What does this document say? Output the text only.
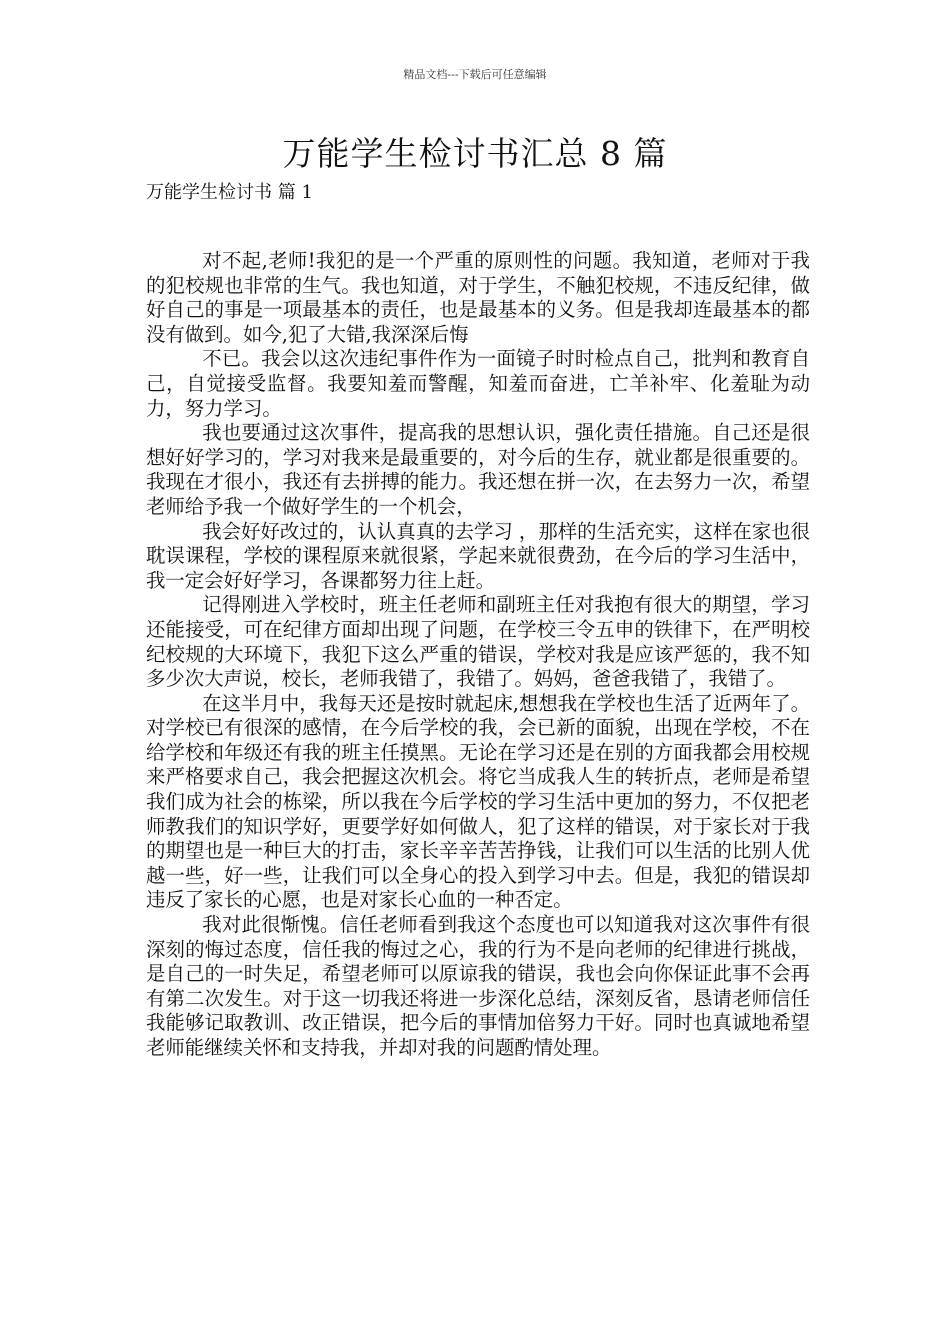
精品文档---下载后可任意编辑
万能学生检讨书汇总 8 篇
万能学生检讨书 篇 1

对不起,老师!我犯的是一个严重的原则性的问题。我知道，老师对于我的犯校规也非常的生气。我也知道，对于学生，不触犯校规，不违反纪律，做好自己的事是一项最基本的责任，也是最基本的义务。但是我却连最基本的都没有做到。如今,犯了大错,我深深后悔

不已。我会以这次违纪事件作为一面镜子时时检点自己，批判和教育自己，自觉接受监督。我要知羞而警醒，知羞而奋进，亡羊补牢、化羞耻为动力，努力学习。

我也要通过这次事件，提高我的思想认识，强化责任措施。自己还是很想好好学习的，学习对我来是最重要的，对今后的生存，就业都是很重要的。我现在才很小，我还有去拼搏的能力。我还想在拼一次，在去努力一次，希望老师给予我一个做好学生的一个机会，

我会好好改过的，认认真真的去学习 ，那样的生活充实，这样在家也很耽误课程，学校的课程原来就很紧，学起来就很费劲，在今后的学习生活中，我一定会好好学习，各课都努力往上赶。

记得刚进入学校时，班主任老师和副班主任对我抱有很大的期望，学习还能接受，可在纪律方面却出现了问题，在学校三令五申的铁律下，在严明校纪校规的大环境下，我犯下这么严重的错误，学校对我是应该严惩的，我不知多少次大声说，校长，老师我错了，我错了。妈妈，爸爸我错了，我错了。

在这半月中，我每天还是按时就起床,想想我在学校也生活了近两年了。对学校已有很深的感情，在今后学校的我，会已新的面貌，出现在学校，不在给学校和年级还有我的班主任摸黑。无论在学习还是在别的方面我都会用校规来严格要求自己，我会把握这次机会。将它当成我人生的转折点，老师是希望我们成为社会的栋梁，所以我在今后学校的学习生活中更加的努力，不仅把老师教我们的知识学好，更要学好如何做人，犯了这样的错误，对于家长对于我的期望也是一种巨大的打击，家长辛辛苦苦挣钱，让我们可以生活的比别人优越一些，好一些，让我们可以全身心的投入到学习中去。但是，我犯的错误却违反了家长的心愿，也是对家长心血的一种否定。

我对此很惭愧。信任老师看到我这个态度也可以知道我对这次事件有很深刻的悔过态度，信任我的悔过之心，我的行为不是向老师的纪律进行挑战，是自己的一时失足，希望老师可以原谅我的错误，我也会向你保证此事不会再有第二次发生。对于这一切我还将进一步深化总结，深刻反省，恳请老师信任我能够记取教训、改正错误，把今后的事情加倍努力干好。同时也真诚地希望老师能继续关怀和支持我，并却对我的问题酌情处理。
